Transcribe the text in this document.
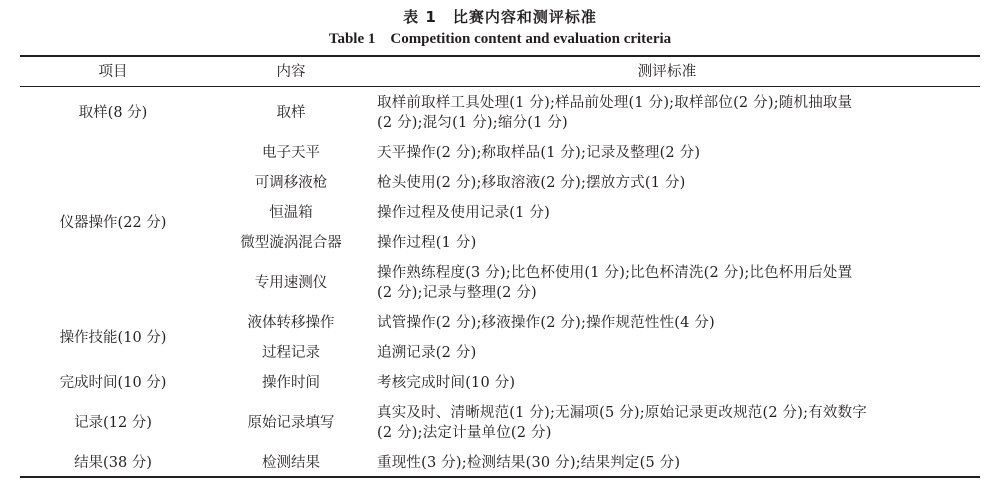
表 1　比赛内容和测评标准
Table 1　Competition content and evaluation criteria
项目	内容	测评标准
取样(8 分)
仪器操作(22 分)
操作技能(10 分)
完成时间(10 分)
记录(12 分)
结果(38 分)
取样
电子天平
可调移液枪
恒温箱
微型漩涡混合器
专用速测仪
液体转移操作
过程记录
操作时间
原始记录填写
检测结果
取样前取样工具处理(1 分);样品前处理(1 分);取样部位(2 分);随机抽取量
(2 分);混匀(1 分);缩分(1 分)
天平操作(2 分);称取样品(1 分);记录及整理(2 分)
枪头使用(2 分);移取溶液(2 分);摆放方式(1 分)
操作过程及使用记录(1 分)
操作过程(1 分)
操作熟练程度(3 分);比色杯使用(1 分);比色杯清洗(2 分);比色杯用后处置
(2 分);记录与整理(2 分)
试管操作(2 分);移液操作(2 分);操作规范性性(4 分)
追溯记录(2 分)
考核完成时间(10 分)
真实及时、清晰规范(1 分);无漏项(5 分);原始记录更改规范(2 分);有效数字
(2 分);法定计量单位(2 分)
重现性(3 分);检测结果(30 分);结果判定(5 分)
